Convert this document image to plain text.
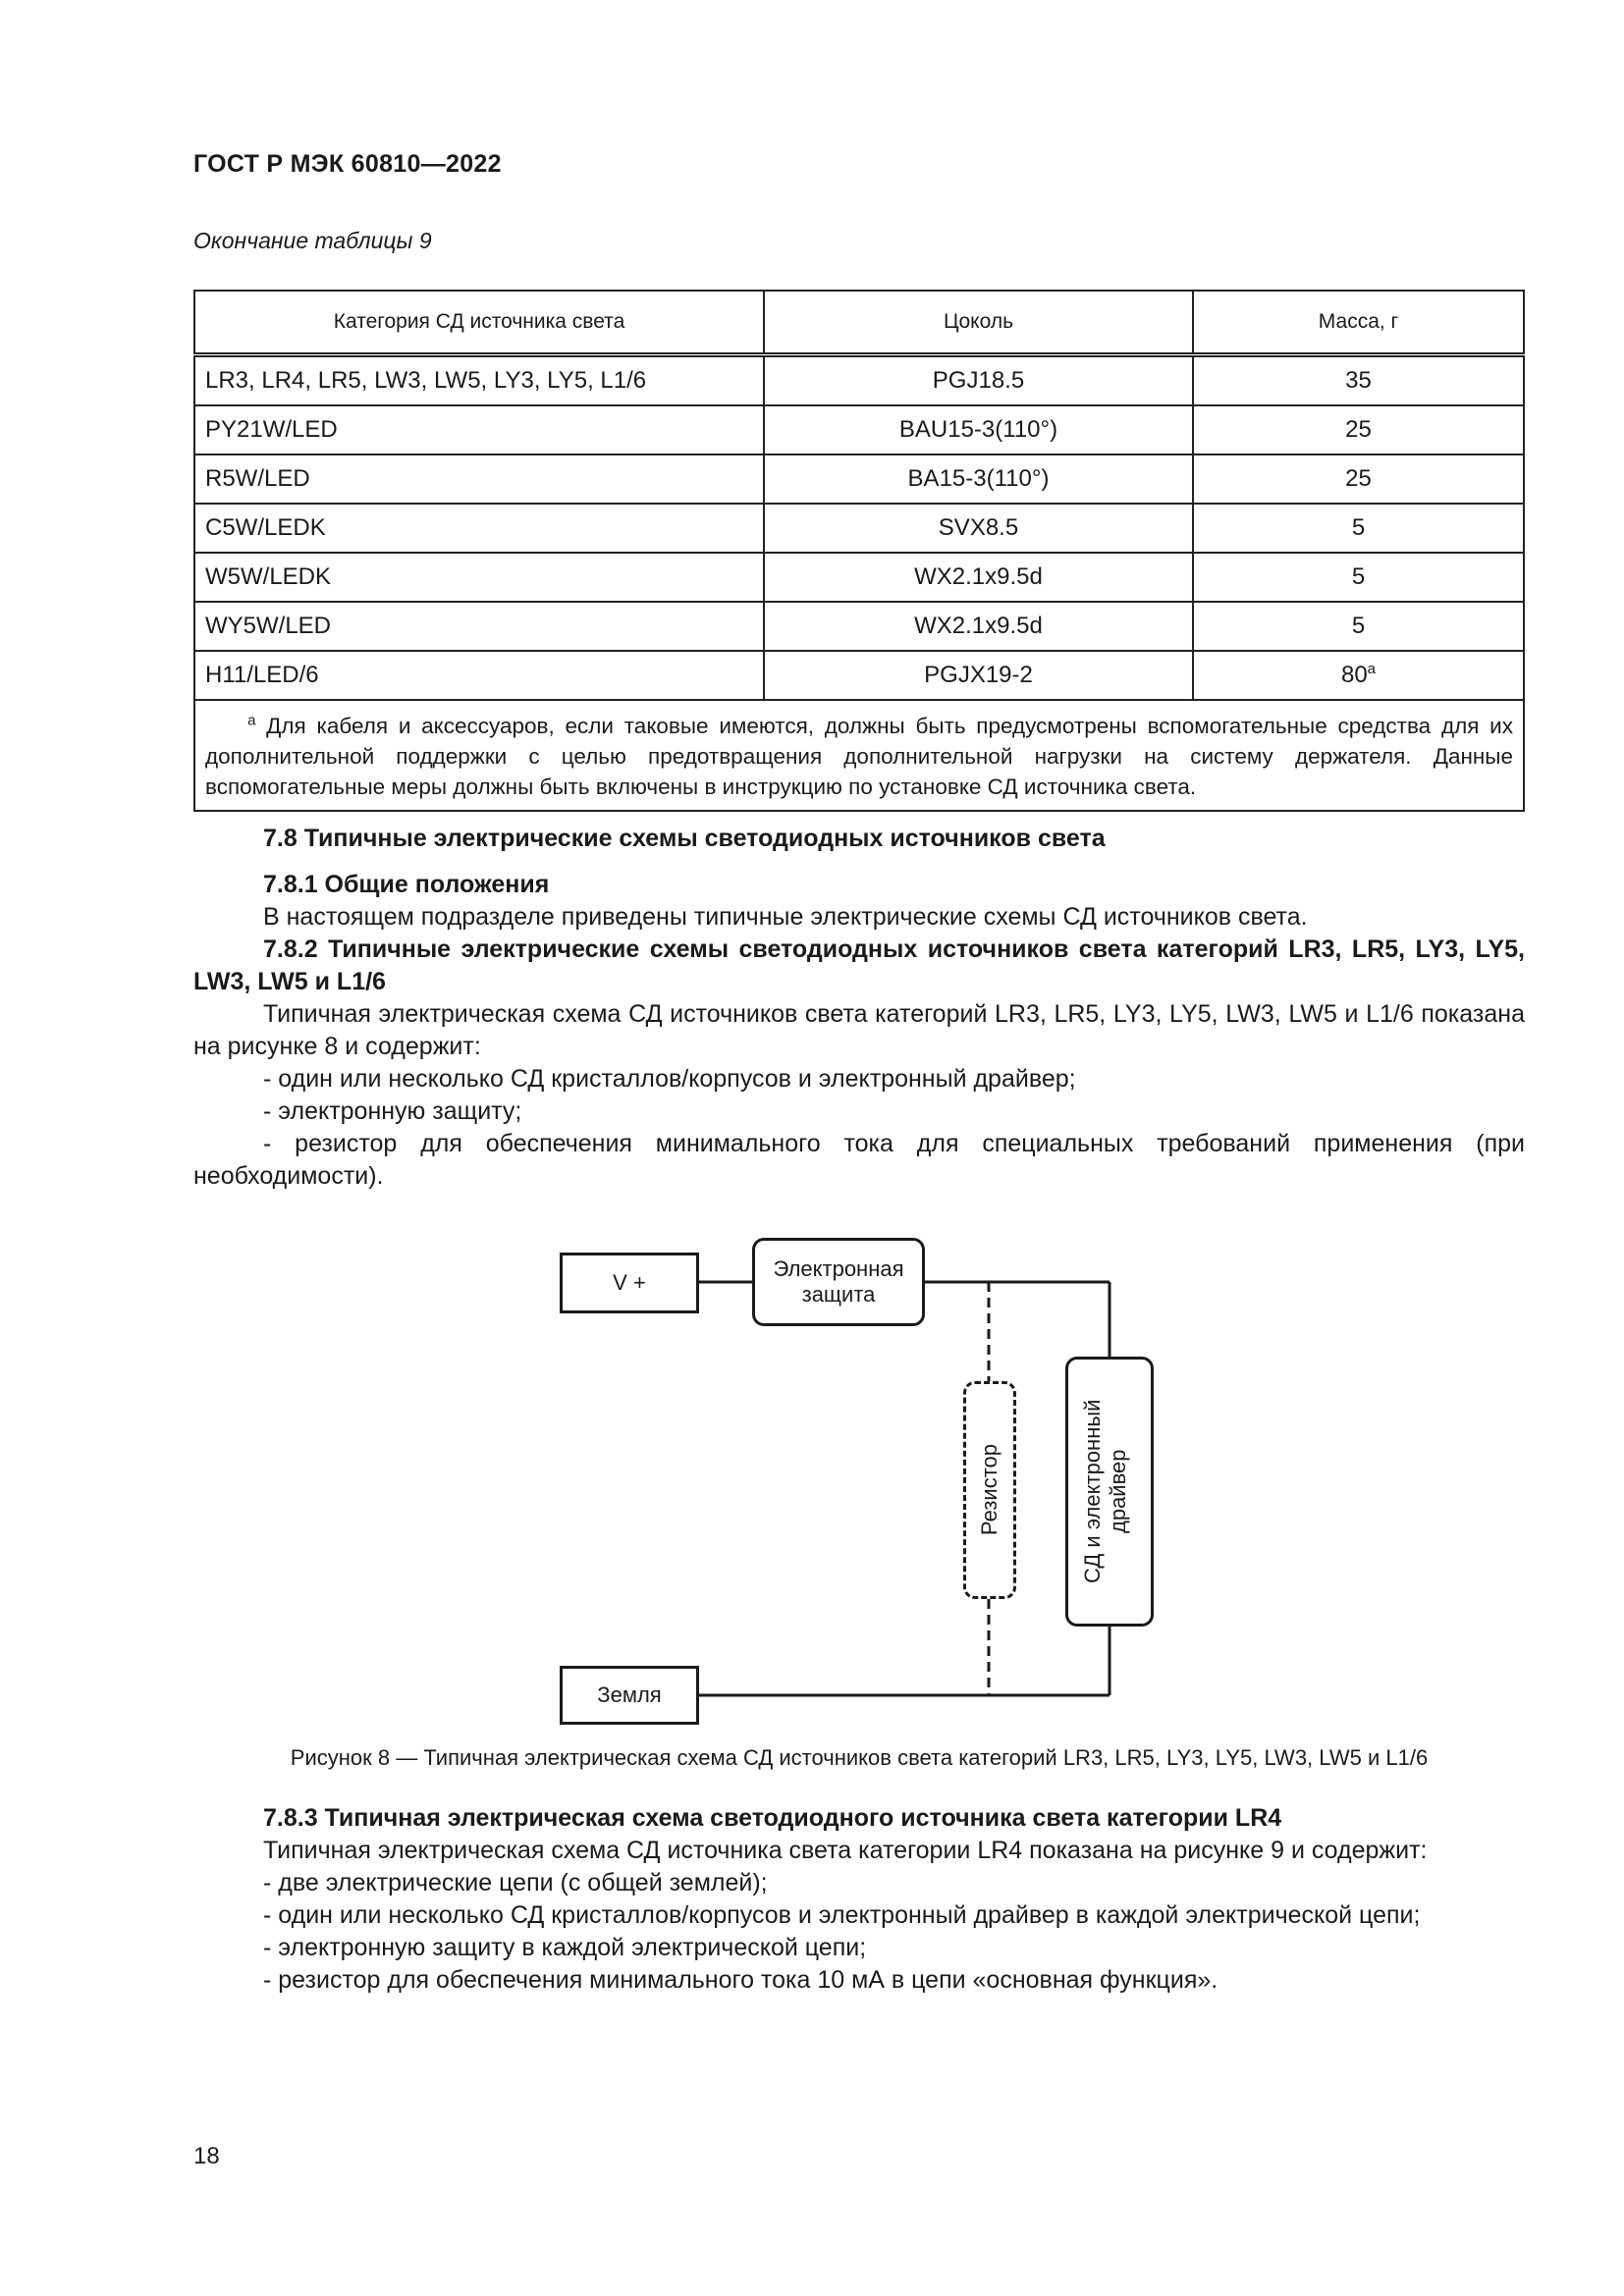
ГОСТ Р МЭК 60810—2022
Окончание таблицы 9
Категория СД источника света	Цоколь	Масса, г
LR3, LR4, LR5, LW3, LW5, LY3, LY5, L1/6	PGJ18.5	35
PY21W/LED	BAU15-3(110°)	25
R5W/LED	BA15-3(110°)	25
C5W/LEDK	SVX8.5	5
W5W/LEDK	WX2.1x9.5d	5
WY5W/LED	WX2.1x9.5d	5
H11/LED/6	PGJX19-2	80$^a$
$^a$ Для кабеля и аксессуаров, если таковые имеются, должны быть предусмотрены вспомогательные средства для их дополнительной поддержки с целью предотвращения дополнительной нагрузки на систему держателя. Данные вспомогательные меры должны быть включены в инструкцию по установке СД источника света.		

7.8 Типичные электрические схемы светодиодных источников света

7.8.1 Общие положения

В настоящем подразделе приведены типичные электрические схемы СД источников света.

7.8.2 Типичные электрические схемы светодиодных источников света категорий LR3, LR5, LY3, LY5, LW3, LW5 и L1/6

Типичная электрическая схема СД источников света категорий LR3, LR5, LY3, LY5, LW3, LW5 и L1/6 показана на рисунке 8 и содержит:

- один или несколько СД кристаллов/корпусов и электронный драйвер;

- электронную защиту;

- резистор для обеспечения минимального тока для специальных требований применения (при необходимости).

V +
Электронная защита
Резистор	СД и электронный драйвер
Земля
Рисунок 8 — Типичная электрическая схема СД источников света категорий LR3, LR5, LY3, LY5, LW3, LW5 и L1/6

7.8.3 Типичная электрическая схема светодиодного источника света категории LR4

Типичная электрическая схема СД источника света категории LR4 показана на рисунке 9 и содержит:

- две электрические цепи (с общей землей);

- один или несколько СД кристаллов/корпусов и электронный драйвер в каждой электрической цепи;

- электронную защиту в каждой электрической цепи;

- резистор для обеспечения минимального тока 10 мА в цепи «основная функция».

18
